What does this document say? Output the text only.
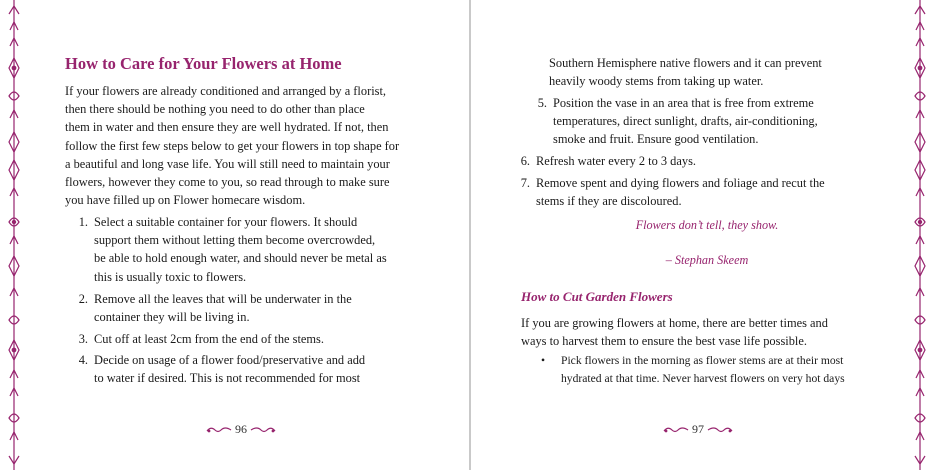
How to Care for Your Flowers at Home
If your flowers are already conditioned and arranged by a florist,
then there should be nothing you need to do other than place
them in water and then ensure they are well hydrated. If not, then
follow the first few steps below to get your flowers in top shape for
a beautiful and long vase life. You will still need to maintain your
flowers, however they come to you, so read through to make sure
you have filled up on Flower homecare wisdom.
1. Select a suitable container for your flowers. It should
support them without letting them become overcrowded,
be able to hold enough water, and should never be metal as
this is usually toxic to flowers.
2. Remove all the leaves that will be underwater in the
container they will be living in.
3. Cut off at least 2cm from the end of the stems.
4. Decide on usage of a flower food/preservative and add
to water if desired. This is not recommended for most
96
Southern Hemisphere native flowers and it can prevent
heavily woody stems from taking up water.
5. Position the vase in an area that is free from extreme
temperatures, direct sunlight, drafts, air-conditioning,
smoke and fruit. Ensure good ventilation.
6. Refresh water every 2 to 3 days.
7. Remove spent and dying flowers and foliage and recut the
stems if they are discoloured.
Flowers don’t tell, they show.
– Stephan Skeem
How to Cut Garden Flowers
If you are growing flowers at home, there are better times and
ways to harvest them to ensure the best vase life possible.
• Pick flowers in the morning as flower stems are at their most
hydrated at that time. Never harvest flowers on very hot days
97
